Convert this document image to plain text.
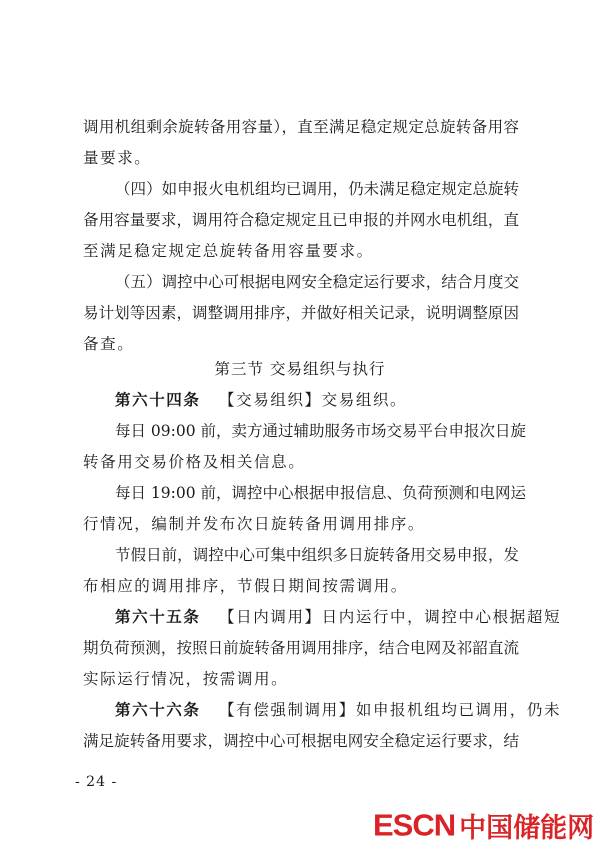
调用机组剩余旋转备用容量），直至满足稳定规定总旋转备用容
量要求。
（四）如申报火电机组均已调用，仍未满足稳定规定总旋转
备用容量要求，调用符合稳定规定且已申报的并网水电机组，直
至满足稳定规定总旋转备用容量要求。
（五）调控中心可根据电网安全稳定运行要求，结合月度交
易计划等因素，调整调用排序，并做好相关记录，说明调整原因
备查。
第三节 交易组织与执行
第六十四条 【交易组织】交易组织。
每日 09:00 前，卖方通过辅助服务市场交易平台申报次日旋
转备用交易价格及相关信息。
每日 19:00 前，调控中心根据申报信息、负荷预测和电网运
行情况，编制并发布次日旋转备用调用排序。
节假日前，调控中心可集中组织多日旋转备用交易申报，发
布相应的调用排序，节假日期间按需调用。
第六十五条 【日内调用】日内运行中，调控中心根据超短
期负荷预测，按照日前旋转备用调用排序，结合电网及祁韶直流
实际运行情况，按需调用。
第六十六条 【有偿强制调用】如申报机组均已调用，仍未
满足旋转备用要求，调控中心可根据电网安全稳定运行要求，结
- 24 -
ESCN 中国储能网
